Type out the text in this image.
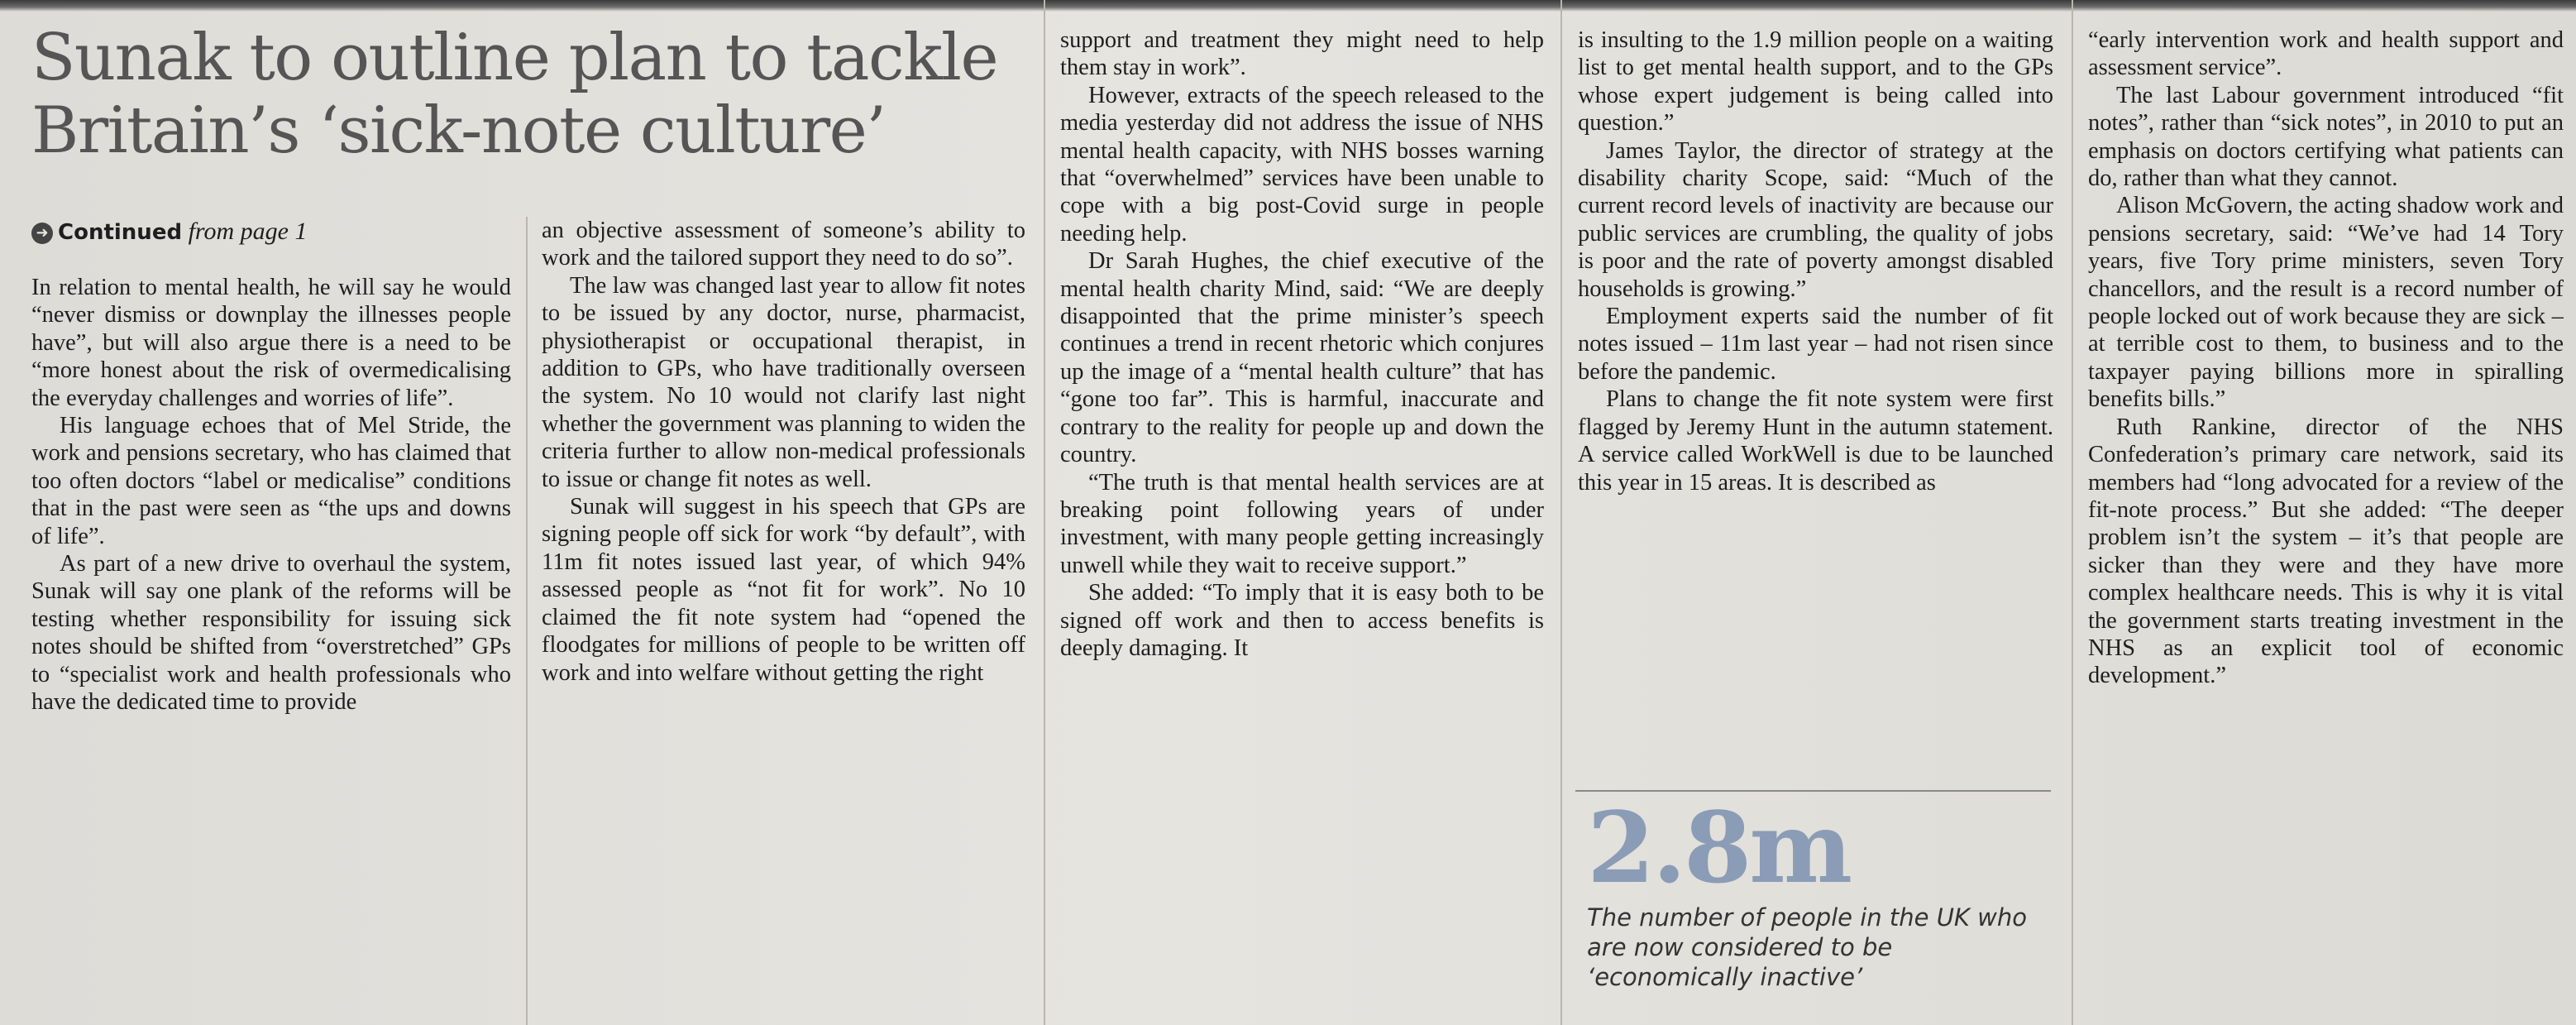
Sunak to outline plan to tackle Britain’s ‘sick-note culture’
➜ Continued from page 1

In relation to mental health, he will say he would “never dismiss or downplay the illnesses people have”, but will also argue there is a need to be “more honest about the risk of overmedicalising the everyday challenges and worries of life”.

His language echoes that of Mel Stride, the work and pensions secretary, who has claimed that too often doctors “label or medicalise” conditions that in the past were seen as “the ups and downs of life”.

As part of a new drive to overhaul the system, Sunak will say one plank of the reforms will be testing whether responsibility for issuing sick notes should be shifted from “overstretched” GPs to “specialist work and health professionals who have the dedicated time to provide

an objective assessment of someone’s ability to work and the tailored support they need to do so”.

The law was changed last year to allow fit notes to be issued by any doctor, nurse, pharmacist, physiotherapist or occupational therapist, in addition to GPs, who have traditionally overseen the system. No 10 would not clarify last night whether the government was planning to widen the criteria further to allow non-medical professionals to issue or change fit notes as well.

Sunak will suggest in his speech that GPs are signing people off sick for work “by default”, with 11m fit notes issued last year, of which 94% assessed people as “not fit for work”. No 10 claimed the fit note system had “opened the floodgates for millions of people to be written off work and into welfare without getting the right

support and treatment they might need to help them stay in work”.

However, extracts of the speech released to the media yesterday did not address the issue of NHS mental health capacity, with NHS bosses warning that “overwhelmed” services have been unable to cope with a big post-Covid surge in people needing help.

Dr Sarah Hughes, the chief executive of the mental health charity Mind, said: “We are deeply disappointed that the prime minister’s speech continues a trend in recent rhetoric which conjures up the image of a “mental health culture” that has “gone too far”. This is harmful, inaccurate and contrary to the reality for people up and down the country.

“The truth is that mental health services are at breaking point following years of under investment, with many people getting increasingly unwell while they wait to receive support.”

She added: “To imply that it is easy both to be signed off work and then to access benefits is deeply damaging. It

is insulting to the 1.9 million people on a waiting list to get mental health support, and to the GPs whose expert judgement is being called into question.”

James Taylor, the director of strategy at the disability charity Scope, said: “Much of the current record levels of inactivity are because our public services are crumbling, the quality of jobs is poor and the rate of poverty amongst disabled households is growing.”

Employment experts said the number of fit notes issued – 11m last year – had not risen since before the pandemic.

Plans to change the fit note system were first flagged by Jeremy Hunt in the autumn statement. A service called WorkWell is due to be launched this year in 15 areas. It is described as

2.8m
The number of people in the UK who are now considered to be ‘economically inactive’

“early intervention work and health support and assessment service”.

The last Labour government introduced “fit notes”, rather than “sick notes”, in 2010 to put an emphasis on doctors certifying what patients can do, rather than what they cannot.

Alison McGovern, the acting shadow work and pensions secretary, said: “We’ve had 14 Tory years, five Tory prime ministers, seven Tory chancellors, and the result is a record number of people locked out of work because they are sick – at terrible cost to them, to business and to the taxpayer paying billions more in spiralling benefits bills.”

Ruth Rankine, director of the NHS Confederation’s primary care network, said its members had “long advocated for a review of the fit-note process.” But she added: “The deeper problem isn’t the system – it’s that people are sicker than they were and they have more complex healthcare needs. This is why it is vital the government starts treating investment in the NHS as an explicit tool of economic development.”
